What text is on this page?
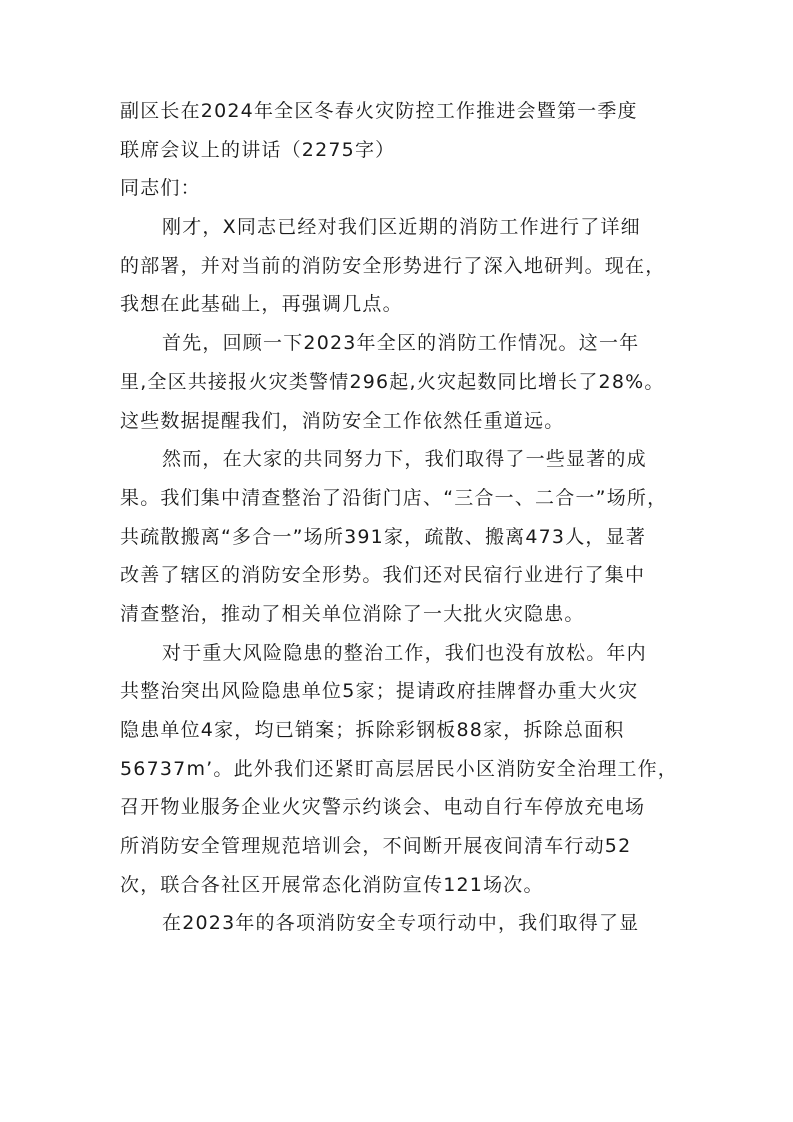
副区长在2024年全区冬春火灾防控工作推进会暨第一季度
联席会议上的讲话（2275字）
同志们：
刚才，X同志已经对我们区近期的消防工作进行了详细
的部署，并对当前的消防安全形势进行了深入地研判。现在，
我想在此基础上，再强调几点。
首先，回顾一下2023年全区的消防工作情况。这一年
里,全区共接报火灾类警情296起,火灾起数同比增长了28%。
这些数据提醒我们，消防安全工作依然任重道远。
然而，在大家的共同努力下，我们取得了一些显著的成
果。我们集中清查整治了沿街门店、“三合一、二合一”场所，
共疏散搬离“多合一”场所391家，疏散、搬离473人，显著
改善了辖区的消防安全形势。我们还对民宿行业进行了集中
清查整治，推动了相关单位消除了一大批火灾隐患。
对于重大风险隐患的整治工作，我们也没有放松。年内
共整治突出风险隐患单位5家；提请政府挂牌督办重大火灾
隐患单位4家，均已销案；拆除彩钢板88家，拆除总面积
56737m’。此外我们还紧盯高层居民小区消防安全治理工作，
召开物业服务企业火灾警示约谈会、电动自行车停放充电场
所消防安全管理规范培训会，不间断开展夜间清车行动52
次，联合各社区开展常态化消防宣传121场次。
在2023年的各项消防安全专项行动中，我们取得了显
